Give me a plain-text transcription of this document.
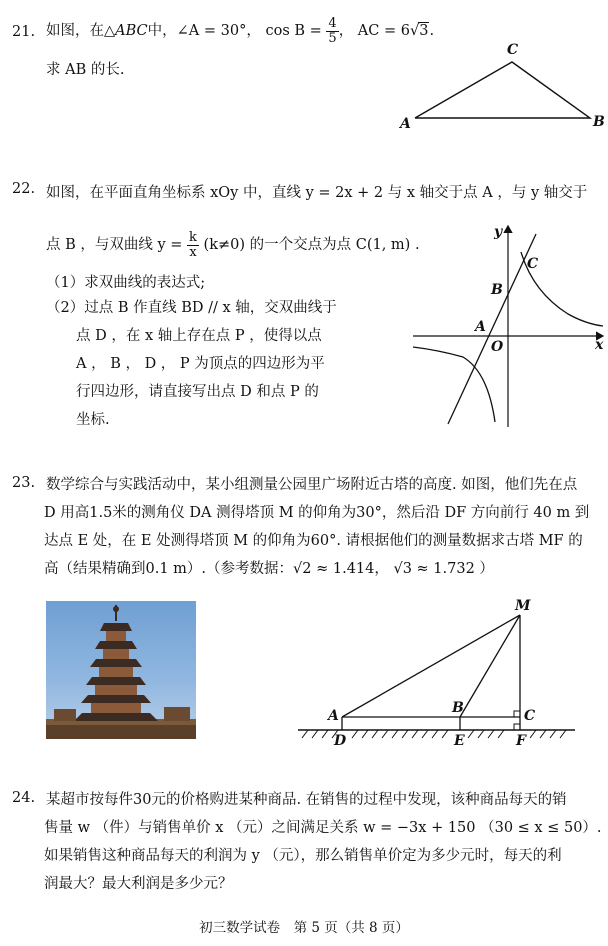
21. 如图，在△ABC中，∠A = 30°， $\cos B = \frac{4}{5}$ ， AC = 6√3.
求 AB 的长.
C
A	B
22. 如图，在平面直角坐标系 xOy 中，直线 y = 2x + 2 与 x 轴交于点 A ，与 y 轴交于
点 B ，与双曲线 $y = \frac{k}{x} (k\ne 0)$ 的一个交点为点 C(1, m) .
（1）求双曲线的表达式;
（2）过点 B 作直线 BD // x 轴，交双曲线于
点 D ，在 x 轴上存在点 P ，使得以点
A ， B ， D ， P 为顶点的四边形为平
行四边形，请直接写出点 D 和点 P 的
坐标.
y
x
O
A
B
C
23. 数学综合与实践活动中，某小组测量公园里广场附近古塔的高度. 如图，他们先在点
D 用高1.5米的测角仪 DA 测得塔顶 M 的仰角为30°，然后沿 DF 方向前行 40 m 到
达点 E 处，在 E 处测得塔顶 M 的仰角为60°. 请根据他们的测量数据求古塔 MF 的
高（结果精确到0.1 m）.（参考数据：√2 ≈ 1.414， √3 ≈ 1.732 ）
M
A	B	C
D	E	F
24. 某超市按每件30元的价格购进某种商品. 在销售的过程中发现，该种商品每天的销
售量 w （件）与销售单价 x （元）之间满足关系 w = −3x + 150 （30 ≤ x ≤ 50）.
如果销售这种商品每天的利润为 y （元），那么销售单价定为多少元时，每天的利
润最大？最大利润是多少元？
初三数学试卷　第 5 页（共 8 页）
